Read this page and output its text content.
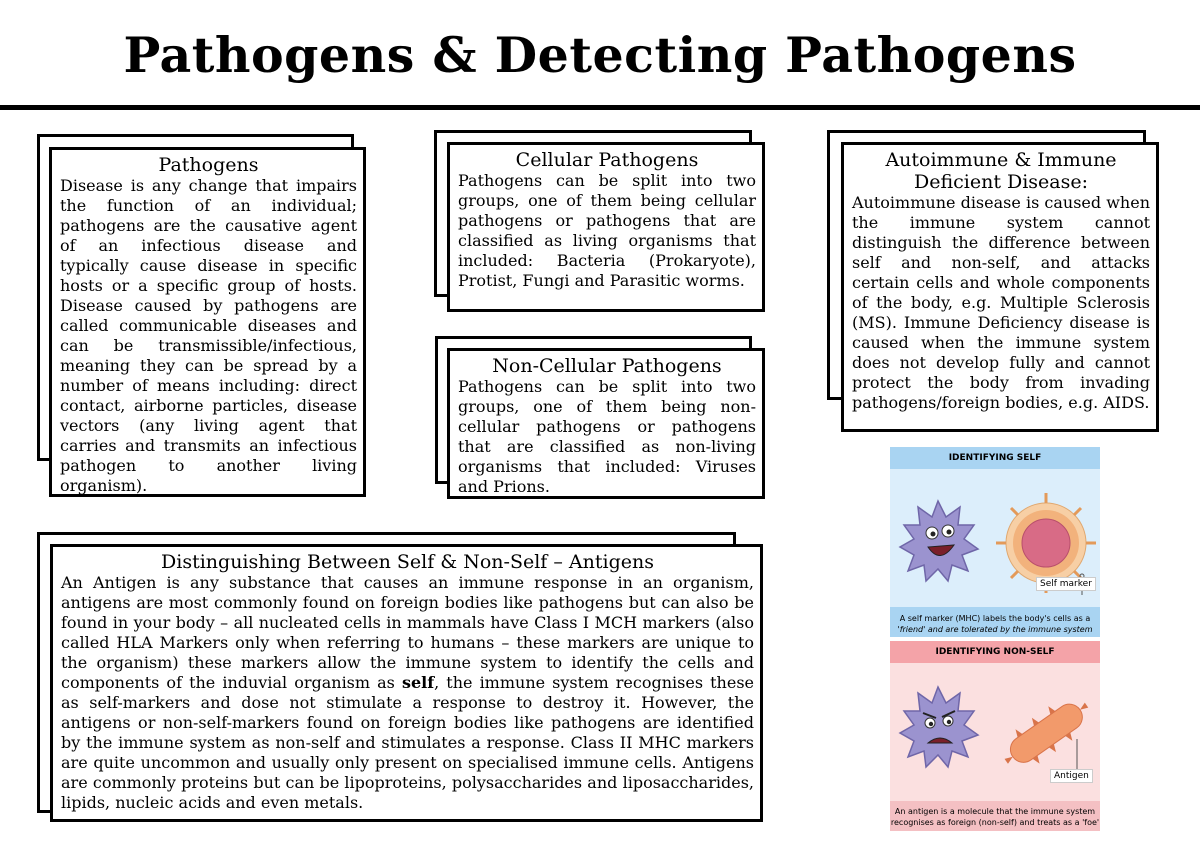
Pathogens & Detecting Pathogens
Pathogens

Disease is any change that impairs the function of an individual; pathogens are the causative agent of an infectious disease and typically cause disease in specific hosts or a specific group of hosts. Disease caused by pathogens are called communicable diseases and can be transmissible/infectious, meaning they can be spread by a number of means including: direct contact, airborne particles, disease vectors (any living agent that carries and transmits an infectious pathogen to another living organism).

Cellular Pathogens

Pathogens can be split into two groups, one of them being cellular pathogens or pathogens that are classified as living organisms that included: Bacteria (Prokaryote), Protist, Fungi and Parasitic worms.

Non-Cellular Pathogens

Pathogens can be split into two groups, one of them being non-cellular pathogens or pathogens that are classified as non-living organisms that included: Viruses and Prions.

Autoimmune & Immune Deficient Disease:

Autoimmune disease is caused when the immune system cannot distinguish the difference between self and non-self, and attacks certain cells and whole components of the body, e.g. Multiple Sclerosis (MS). Immune Deficiency disease is caused when the immune system does not develop fully and cannot protect the body from invading pathogens/foreign bodies, e.g. AIDS.

Distinguishing Between Self & Non-Self – Antigens

An Antigen is any substance that causes an immune response in an organism, antigens are most commonly found on foreign bodies like pathogens but can also be found in your body – all nucleated cells in mammals have Class I MCH markers (also called HLA Markers only when referring to humans – these markers are unique to the organism) these markers allow the immune system to identify the cells and components of the induvial organism as self, the immune system recognises these as self-markers and dose not stimulate a response to destroy it. However, the antigens or non-self-markers found on foreign bodies like pathogens are identified by the immune system as non-self and stimulates a response. Class II MHC markers are quite uncommon and usually only present on specialised immune cells. Antigens are commonly proteins but can be lipoproteins, polysaccharides and liposaccharides, lipids, nucleic acids and even metals.

IDENTIFYING SELF
Self marker
A self marker (MHC) labels the body's cells as a
'friend' and are tolerated by the immune system
IDENTIFYING NON-SELF
Antigen
An antigen is a molecule that the immune system
recognises as foreign (non-self) and treats as a 'foe'
